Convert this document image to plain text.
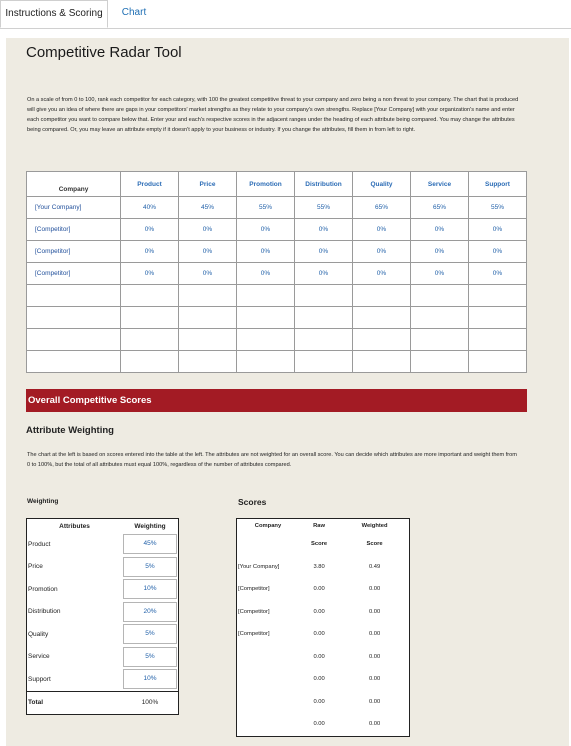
Instructions & Scoring	Chart
Competitive Radar Tool
On a scale of from 0 to 100, rank each competitor for each category, with 100 the greatest competitive threat to your company and zero being a non threat to your company. The chart that is produced will give you an idea of where there are gaps in your competitors' market strengths as they relate to your company's own strengths. Replace [Your Company] with your organization's name and enter each competitor you want to compare below that. Enter your and each's respective scores in the adjacent ranges under the heading of each attribute being compared. You may change the attributes being compared. Or, you may leave an attribute empty if it doesn't apply to your business or industry. If you change the attributes, fill them in from left to right.
Company	Product	Price	Promotion	Distribution	Quality	Service	Support
[Your Company]	40%	45%	55%	55%	65%	65%	55%
[Competitor]	0%	0%	0%	0%	0%	0%	0%
[Competitor]	0%	0%	0%	0%	0%	0%	0%
[Competitor]	0%	0%	0%	0%	0%	0%	0%

Overall Competitive Scores
Attribute Weighting
The chart at the left is based on scores entered into the table at the left. The attributes are not weighted for an overall score. You can decide which attributes are more important and weight them from 0 to 100%, but the total of all attributes must equal 100%, regardless of the number of attributes compared.
Weighting	Scores
Attributes	Weighting
Product	45%

Price	5%

Promotion	10%

Distribution	20%

Quality	5%

Service	5%

Support	10%

Total	100%
Company	Raw	Weighted
	Score	Score
[Your Company]	3.80	0.49
[Competitor]	0.00	0.00
[Competitor]	0.00	0.00
[Competitor]	0.00	0.00
	0.00	0.00
	0.00	0.00
	0.00	0.00
	0.00	0.00
